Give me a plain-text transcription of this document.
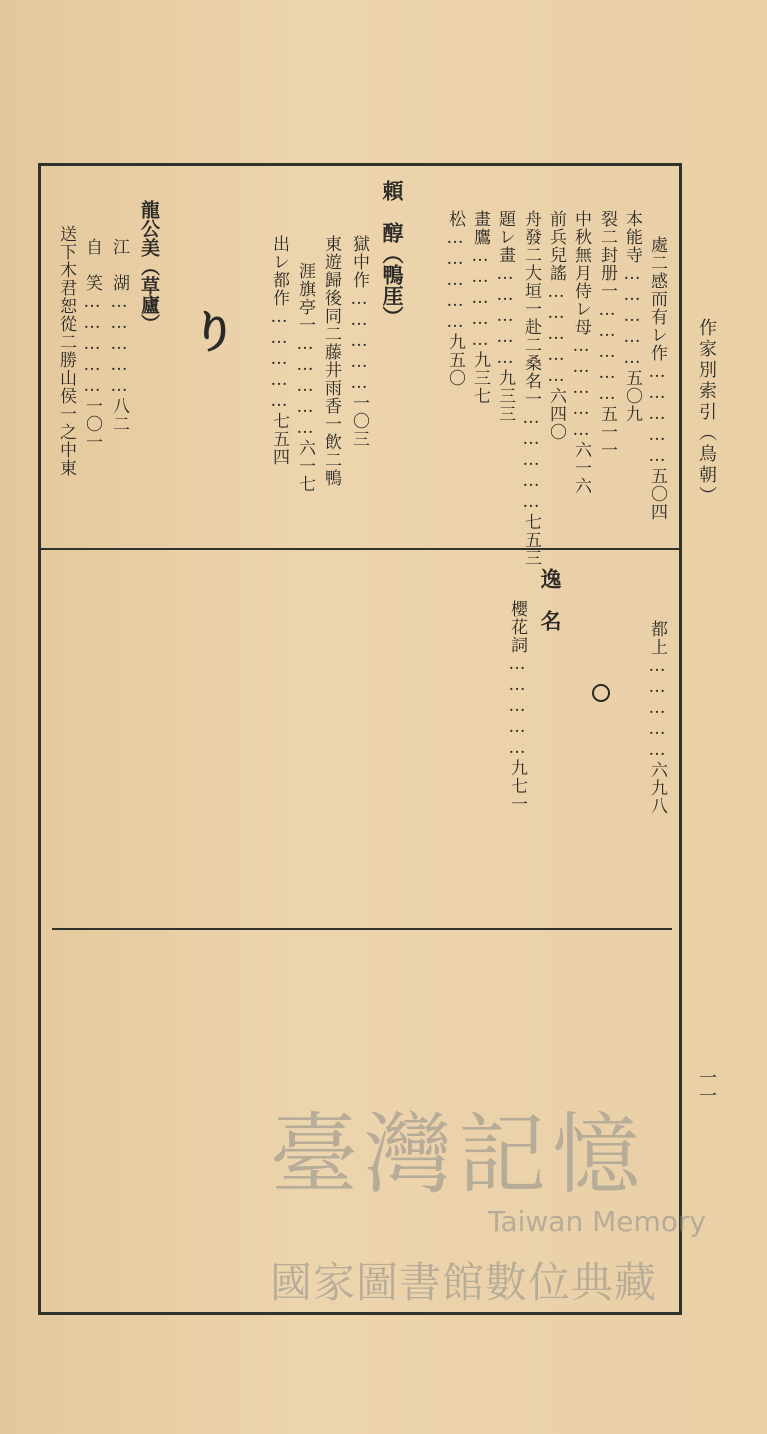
作家別索引（鳥朝）
一一
處二感而有レ作……………五〇四
本能寺……………五〇九
裂二封册一……………五一一
中秋無月侍レ母……………六一六
前兵兒謠……………六四〇
舟發二大垣一赴二桑名一……………七五三
題レ畫……………九三三
畫鷹……………九三七
松……………九五〇
頼　醇（鴨厓）
獄中作……………一〇三
東遊歸後同二藤井雨香一飲二鴨
涯旗亭一……………六一七
出レ都作……………七五四
り
龍公美（草廬）
江　湖……………八二
自　笑……………一〇一
送下木君恕從二勝山侯一之中東
都上……………六九八
逸　名
櫻花詞……………九七一
臺灣記憶
Taiwan Memory
國家圖書館數位典藏
